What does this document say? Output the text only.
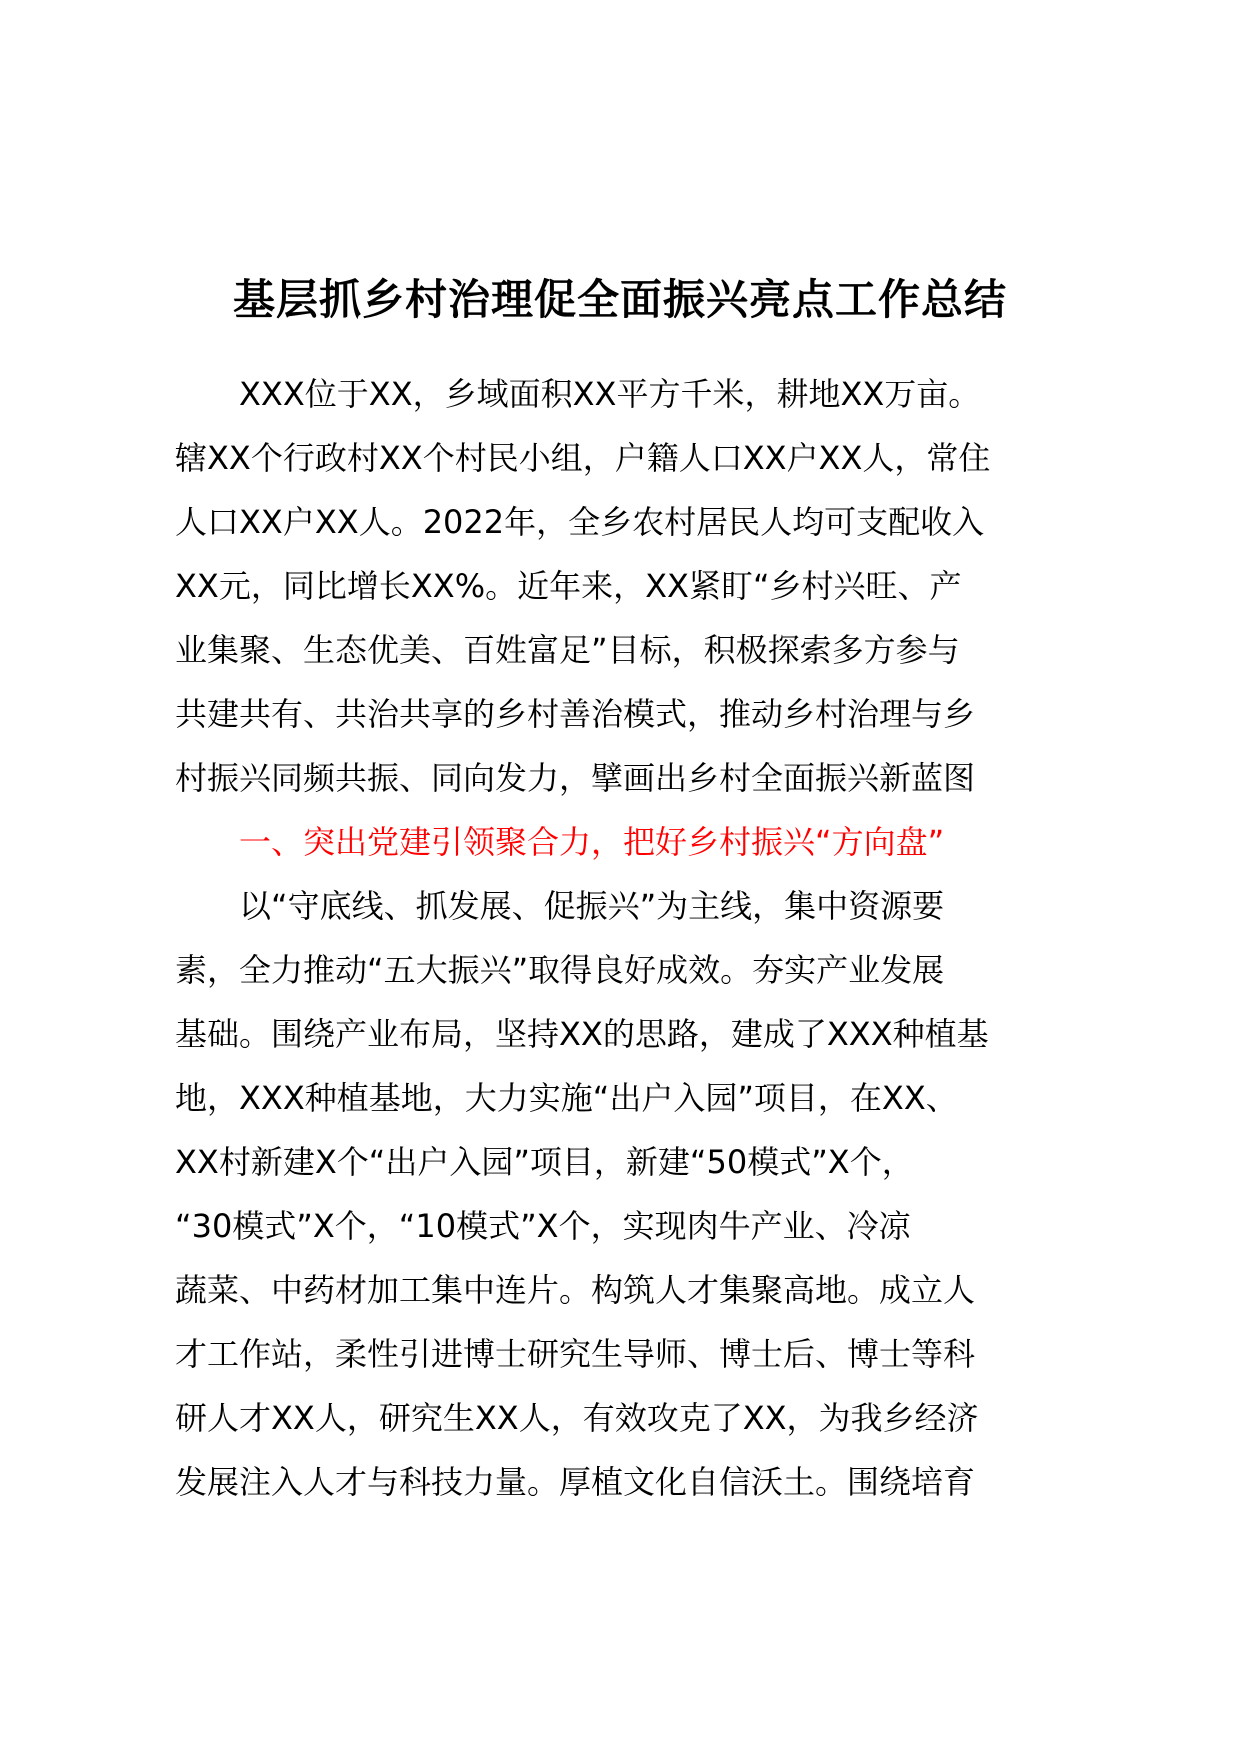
基层抓乡村治理促全面振兴亮点工作总结

XXX位于XX，乡域面积XX平方千米，耕地XX万亩。

辖XX个行政村XX个村民小组，户籍人口XX户XX人，常住

人口XX户XX人。2022年，全乡农村居民人均可支配收入

XX元，同比增长XX%。近年来，XX紧盯“乡村兴旺、产

业集聚、生态优美、百姓富足”目标，积极探索多方参与

共建共有、共治共享的乡村善治模式，推动乡村治理与乡

村振兴同频共振、同向发力，擘画出乡村全面振兴新蓝图

一、突出党建引领聚合力，把好乡村振兴“方向盘”

以“守底线、抓发展、促振兴”为主线，集中资源要

素，全力推动“五大振兴”取得良好成效。夯实产业发展

基础。围绕产业布局，坚持XX的思路，建成了XXX种植基

地，XXX种植基地，大力实施“出户入园”项目，在XX、

XX村新建X个“出户入园”项目，新建“50模式”X个，

“30模式”X个，“10模式”X个，实现肉牛产业、冷凉

蔬菜、中药材加工集中连片。构筑人才集聚高地。成立人

才工作站，柔性引进博士研究生导师、博士后、博士等科

研人才XX人，研究生XX人，有效攻克了XX，为我乡经济

发展注入人才与科技力量。厚植文化自信沃土。围绕培育
